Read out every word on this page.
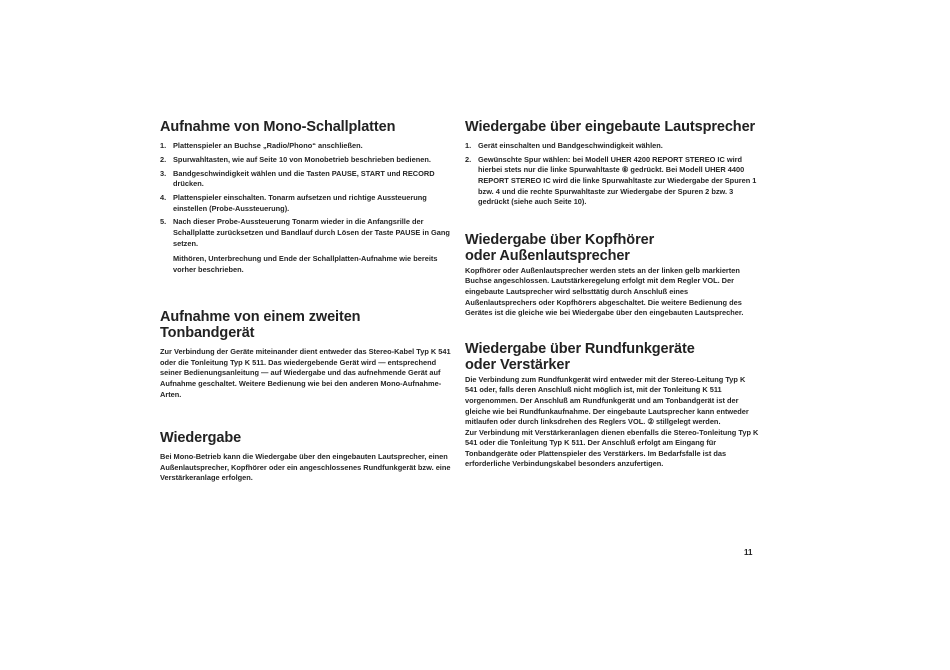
Aufnahme von Mono-Schallplatten
1. Plattenspieler an Buchse „Radio/Phono“ anschließen.
2. Spurwahltasten, wie auf Seite 10 von Monobetrieb beschrieben bedienen.
3. Bandgeschwindigkeit wählen und die Tasten PAUSE, START und RECORD drücken.
4. Plattenspieler einschalten. Tonarm aufsetzen und richtige Aussteuerung einstellen (Probe-Aussteuerung).
5. Nach dieser Probe-Aussteuerung Tonarm wieder in die Anfangsrille der Schallplatte zurücksetzen und Bandlauf durch Lösen der Taste PAUSE in Gang setzen.

Mithören, Unterbrechung und Ende der Schallplatten-Aufnahme wie bereits vorher beschrieben.

Aufnahme von einem zweiten Tonbandgerät

Zur Verbindung der Geräte miteinander dient entweder das Stereo-Kabel Typ K 541 oder die Tonleitung Typ K 511. Das wiedergebende Gerät wird — entsprechend seiner Bedienungsanleitung — auf Wiedergabe und das aufnehmende Gerät auf Aufnahme geschaltet. Weitere Bedienung wie bei den anderen Mono-Aufnahme-Arten.

Wiedergabe

Bei Mono-Betrieb kann die Wiedergabe über den eingebauten Lautsprecher, einen Außenlautsprecher, Kopfhörer oder ein angeschlossenes Rundfunkgerät bzw. eine Verstärkeranlage erfolgen.

Wiedergabe über eingebaute Lautsprecher
1. Gerät einschalten und Bandgeschwindigkeit wählen.
2. Gewünschte Spur wählen: bei Modell UHER 4200 REPORT STEREO IC wird hierbei stets nur die linke Spurwahltaste ⑥ gedrückt. Bei Modell UHER 4400 REPORT STEREO IC wird die linke Spurwahltaste zur Wiedergabe der Spuren 1 bzw. 4 und die rechte Spurwahltaste zur Wiedergabe der Spuren 2 bzw. 3 gedrückt (siehe auch Seite 10).
Wiedergabe über Kopfhörer
oder Außenlautsprecher

Kopfhörer oder Außenlautsprecher werden stets an der linken gelb markierten Buchse angeschlossen. Lautstärkeregelung erfolgt mit dem Regler VOL. Der eingebaute Lautsprecher wird selbsttätig durch Anschluß eines Außenlautsprechers oder Kopfhörers abgeschaltet. Die weitere Bedienung des Gerätes ist die gleiche wie bei Wiedergabe über den eingebauten Lautsprecher.

Wiedergabe über Rundfunkgeräte
oder Verstärker

Die Verbindung zum Rundfunkgerät wird entweder mit der Stereo-Leitung Typ K 541 oder, falls deren Anschluß nicht möglich ist, mit der Tonleitung K 511 vorgenommen. Der Anschluß am Rundfunkgerät und am Tonbandgerät ist der gleiche wie bei Rundfunkaufnahme. Der eingebaute Lautsprecher kann entweder mitlaufen oder durch linksdrehen des Reglers VOL. ② stillgelegt werden.

Zur Verbindung mit Verstärkeranlagen dienen ebenfalls die Stereo-Tonleitung Typ K 541 oder die Tonleitung Typ K 511. Der Anschluß erfolgt am Eingang für Tonbandgeräte oder Plattenspieler des Verstärkers. Im Bedarfsfalle ist das erforderliche Verbindungskabel besonders anzufertigen.

11
